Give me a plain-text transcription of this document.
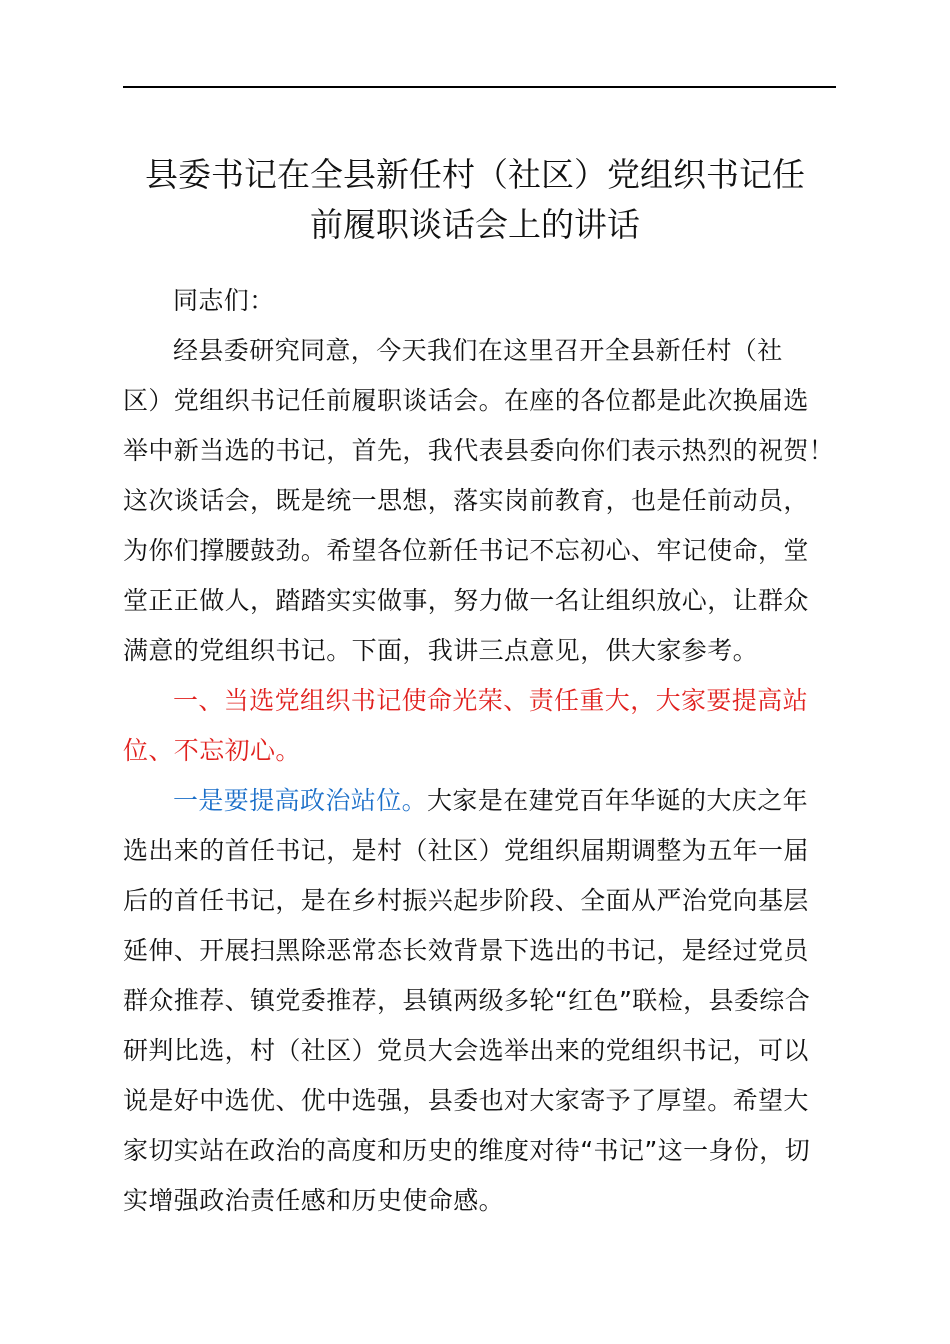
县委书记在全县新任村（社区）党组织书记任
前履职谈话会上的讲话
同志们：
经县委研究同意，今天我们在这里召开全县新任村（社
区）党组织书记任前履职谈话会。在座的各位都是此次换届选
举中新当选的书记，首先，我代表县委向你们表示热烈的祝贺！
这次谈话会，既是统一思想，落实岗前教育，也是任前动员，
为你们撑腰鼓劲。希望各位新任书记不忘初心、牢记使命，堂
堂正正做人，踏踏实实做事，努力做一名让组织放心，让群众
满意的党组织书记。下面，我讲三点意见，供大家参考。
一、当选党组织书记使命光荣、责任重大，大家要提高站
位、不忘初心。
一是要提高政治站位。大家是在建党百年华诞的大庆之年
选出来的首任书记，是村（社区）党组织届期调整为五年一届
后的首任书记，是在乡村振兴起步阶段、全面从严治党向基层
延伸、开展扫黑除恶常态长效背景下选出的书记，是经过党员
群众推荐、镇党委推荐，县镇两级多轮“红色”联检，县委综合
研判比选，村（社区）党员大会选举出来的党组织书记，可以
说是好中选优、优中选强，县委也对大家寄予了厚望。希望大
家切实站在政治的高度和历史的维度对待“书记”这一身份，切
实增强政治责任感和历史使命感。
